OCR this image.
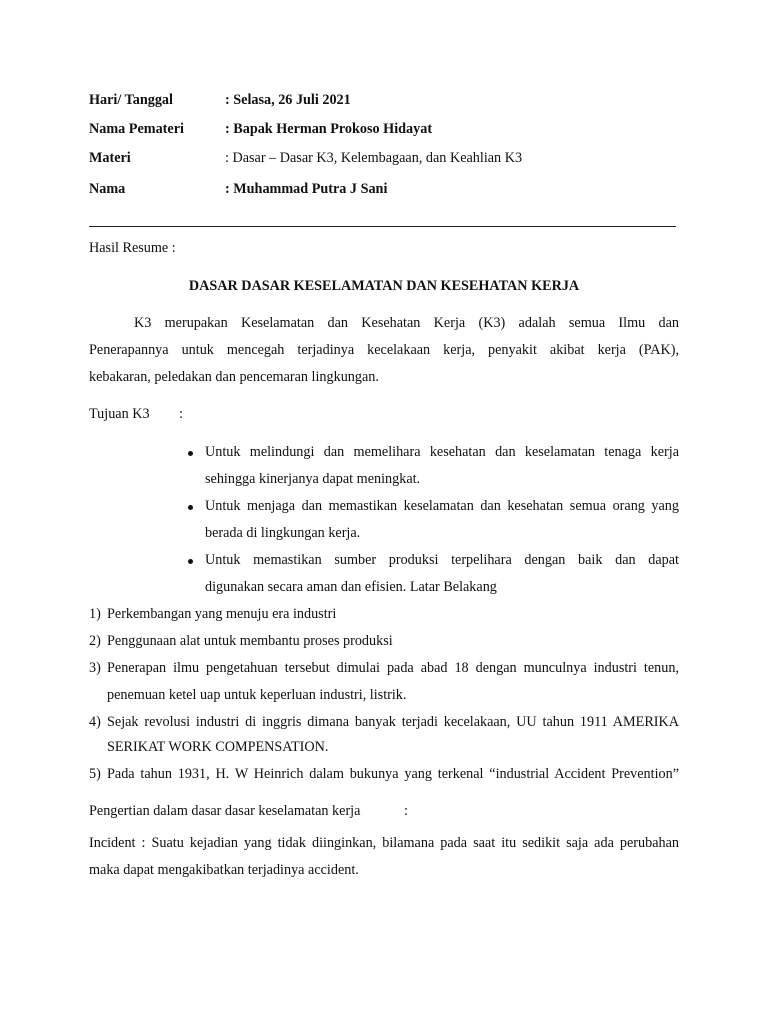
Hari/ Tanggal	: Selasa, 26 Juli 2021
Nama Pemateri	: Bapak Herman Prokoso Hidayat
Materi	: Dasar – Dasar K3, Kelembagaan, dan Keahlian K3
Nama	: Muhammad Putra J Sani
Hasil Resume :
DASAR DASAR KESELAMATAN DAN KESEHATAN KERJA
K3 merupakan Keselamatan dan Kesehatan Kerja (K3) adalah semua Ilmu dan
Penerapannya untuk mencegah terjadinya kecelakaan kerja, penyakit akibat kerja (PAK),
kebakaran, peledakan dan pencemaran lingkungan.
Tujuan K3 :
Untuk melindungi dan memelihara kesehatan dan keselamatan tenaga kerja
sehingga kinerjanya dapat meningkat.
Untuk menjaga dan memastikan keselamatan dan kesehatan semua orang yang
berada di lingkungan kerja.
Untuk memastikan sumber produksi terpelihara dengan baik dan dapat
digunakan secara aman dan efisien. Latar Belakang
1) Perkembangan yang menuju era industri
2) Penggunaan alat untuk membantu proses produksi
3) Penerapan ilmu pengetahuan tersebut dimulai pada abad 18 dengan munculnya industri tenun,
penemuan ketel uap untuk keperluan industri, listrik.
4) Sejak revolusi industri di inggris dimana banyak terjadi kecelakaan, UU tahun 1911 AMERIKA
SERIKAT WORK COMPENSATION.
5) Pada tahun 1931, H. W Heinrich dalam bukunya yang terkenal “industrial Accident Prevention”
Pengertian dalam dasar dasar keselamatan kerja	:
Incident : Suatu kejadian yang tidak diinginkan, bilamana pada saat itu sedikit saja ada perubahan
maka dapat mengakibatkan terjadinya accident.
